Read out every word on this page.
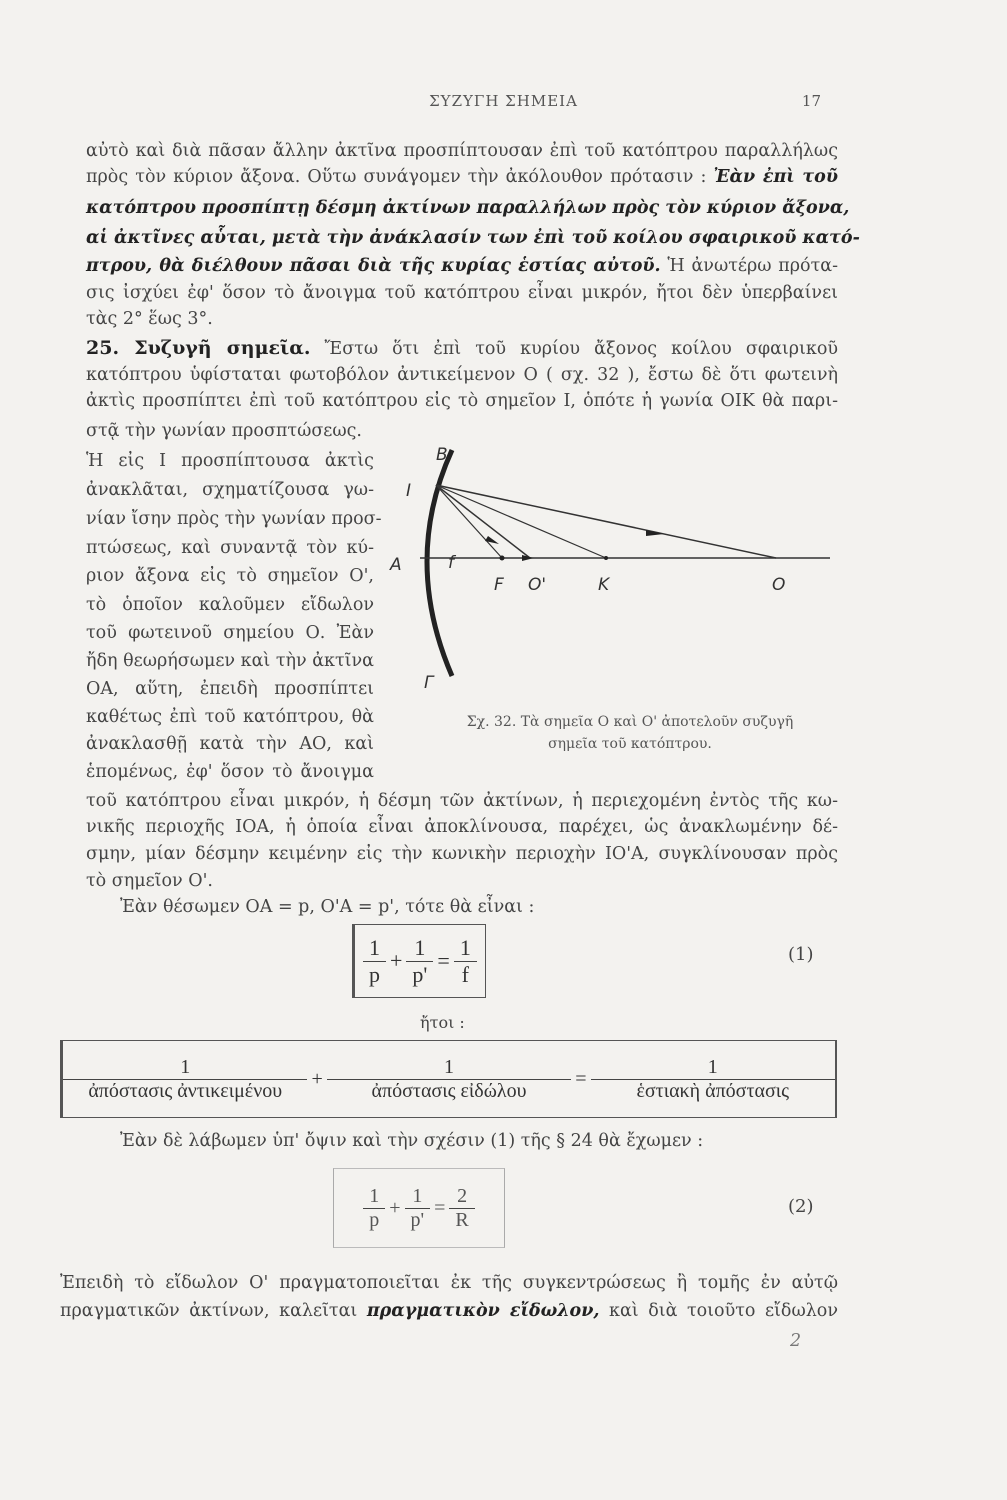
ΣΥΖΥΓΗ ΣΗΜΕΙΑ	17
αὐτὸ καὶ διὰ πᾶσαν ἄλλην ἀκτῖνα προσπίπτουσαν ἐπὶ τοῦ κατόπτρου παραλλήλως
πρὸς τὸν κύριον ἄξονα. Οὕτω συνάγομεν τὴν ἀκόλουθον πρότασιν : Ἐὰν ἐπὶ τοῦ
κατόπτρου προσπίπτῃ δέσμη ἀκτίνων παραλλήλων πρὸς τὸν κύριον ἄξονα,
αἱ ἀκτῖνες αὗται, μετὰ τὴν ἀνάκλασίν των ἐπὶ τοῦ κοίλου σφαιρικοῦ κατό-
πτρου, θὰ διέλθουν πᾶσαι διὰ τῆς κυρίας ἑστίας αὐτοῦ. Ἡ ἀνωτέρω πρότα-
σις ἰσχύει ἐφ' ὅσον τὸ ἄνοιγμα τοῦ κατόπτρου εἶναι μικρόν, ἤτοι δὲν ὑπερβαίνει
τὰς 2° ἕως 3°.
25. Συζυγῆ σημεῖα. Ἔστω ὅτι ἐπὶ τοῦ κυρίου ἄξονος κοίλου σφαιρικοῦ
κατόπτρου ὑφίσταται φωτοβόλον ἀντικείμενον Ο ( σχ. 32 ), ἔστω δὲ ὅτι φωτεινὴ
ἀκτὶς προσπίπτει ἐπὶ τοῦ κατόπτρου εἰς τὸ σημεῖον Ι, ὁπότε ἡ γωνία ΟΙΚ θὰ παρι-
στᾷ τὴν γωνίαν προσπτώσεως.
Ἡ εἰς Ι προσπίπτουσα ἀκτὶς
ἀνακλᾶται, σχηματίζουσα γω-
νίαν ἴσην πρὸς τὴν γωνίαν προσ-
πτώσεως, καὶ συναντᾷ τὸν κύ-
ριον ἄξονα εἰς τὸ σημεῖον Ο',
τὸ ὁποῖον καλοῦμεν εἴδωλον
τοῦ φωτεινοῦ σημείου Ο. Ἐὰν
ἤδη θεωρήσωμεν καὶ τὴν ἀκτῖνα
ΟΑ, αὕτη, ἐπειδὴ προσπίπτει
καθέτως ἐπὶ τοῦ κατόπτρου, θὰ
ἀνακλασθῇ κατὰ τὴν ΑΟ, καὶ
ἑπομένως, ἐφ' ὅσον τὸ ἄνοιγμα
B
I
A	f
F O'	K	O
Γ
Σχ. 32. Τὰ σημεῖα Ο καὶ Ο' ἀποτελοῦν συζυγῆ
σημεῖα τοῦ κατόπτρου.
τοῦ κατόπτρου εἶναι μικρόν, ἡ δέσμη τῶν ἀκτίνων, ἡ περιεχομένη ἐντὸς τῆς κω-
νικῆς περιοχῆς ΙΟΑ, ἡ ὁποία εἶναι ἀποκλίνουσα, παρέχει, ὡς ἀνακλωμένην δέ-
σμην, μίαν δέσμην κειμένην εἰς τὴν κωνικὴν περιοχὴν ΙΟ'Α, συγκλίνουσαν πρὸς
τὸ σημεῖον Ο'.
Ἐὰν θέσωμεν ΟΑ = p, Ο'Α = p', τότε θὰ εἶναι :
$\frac{1}{p} + \frac{1}{p'} = \frac{1}{f}$	(1)
ἤτοι :
$\frac{1}{\text{ἀπόστασις ἀντικειμένου}} + \frac{1}{\text{ἀπόστασις εἰδώλου}} = \frac{1}{\text{ἑστιακὴ ἀπόστασις}}$
Ἐὰν δὲ λάβωμεν ὑπ' ὄψιν καὶ τὴν σχέσιν (1) τῆς § 24 θὰ ἔχωμεν :
$\frac{1}{p} + \frac{1}{p'} = \frac{2}{R}$	(2)
Ἐπειδὴ τὸ εἴδωλον Ο' πραγματοποιεῖται ἐκ τῆς συγκεντρώσεως ἢ τομῆς ἐν αὐτῷ
πραγματικῶν ἀκτίνων, καλεῖται πραγματικὸν εἴδωλον, καὶ διὰ τοιοῦτο εἴδωλον
2
